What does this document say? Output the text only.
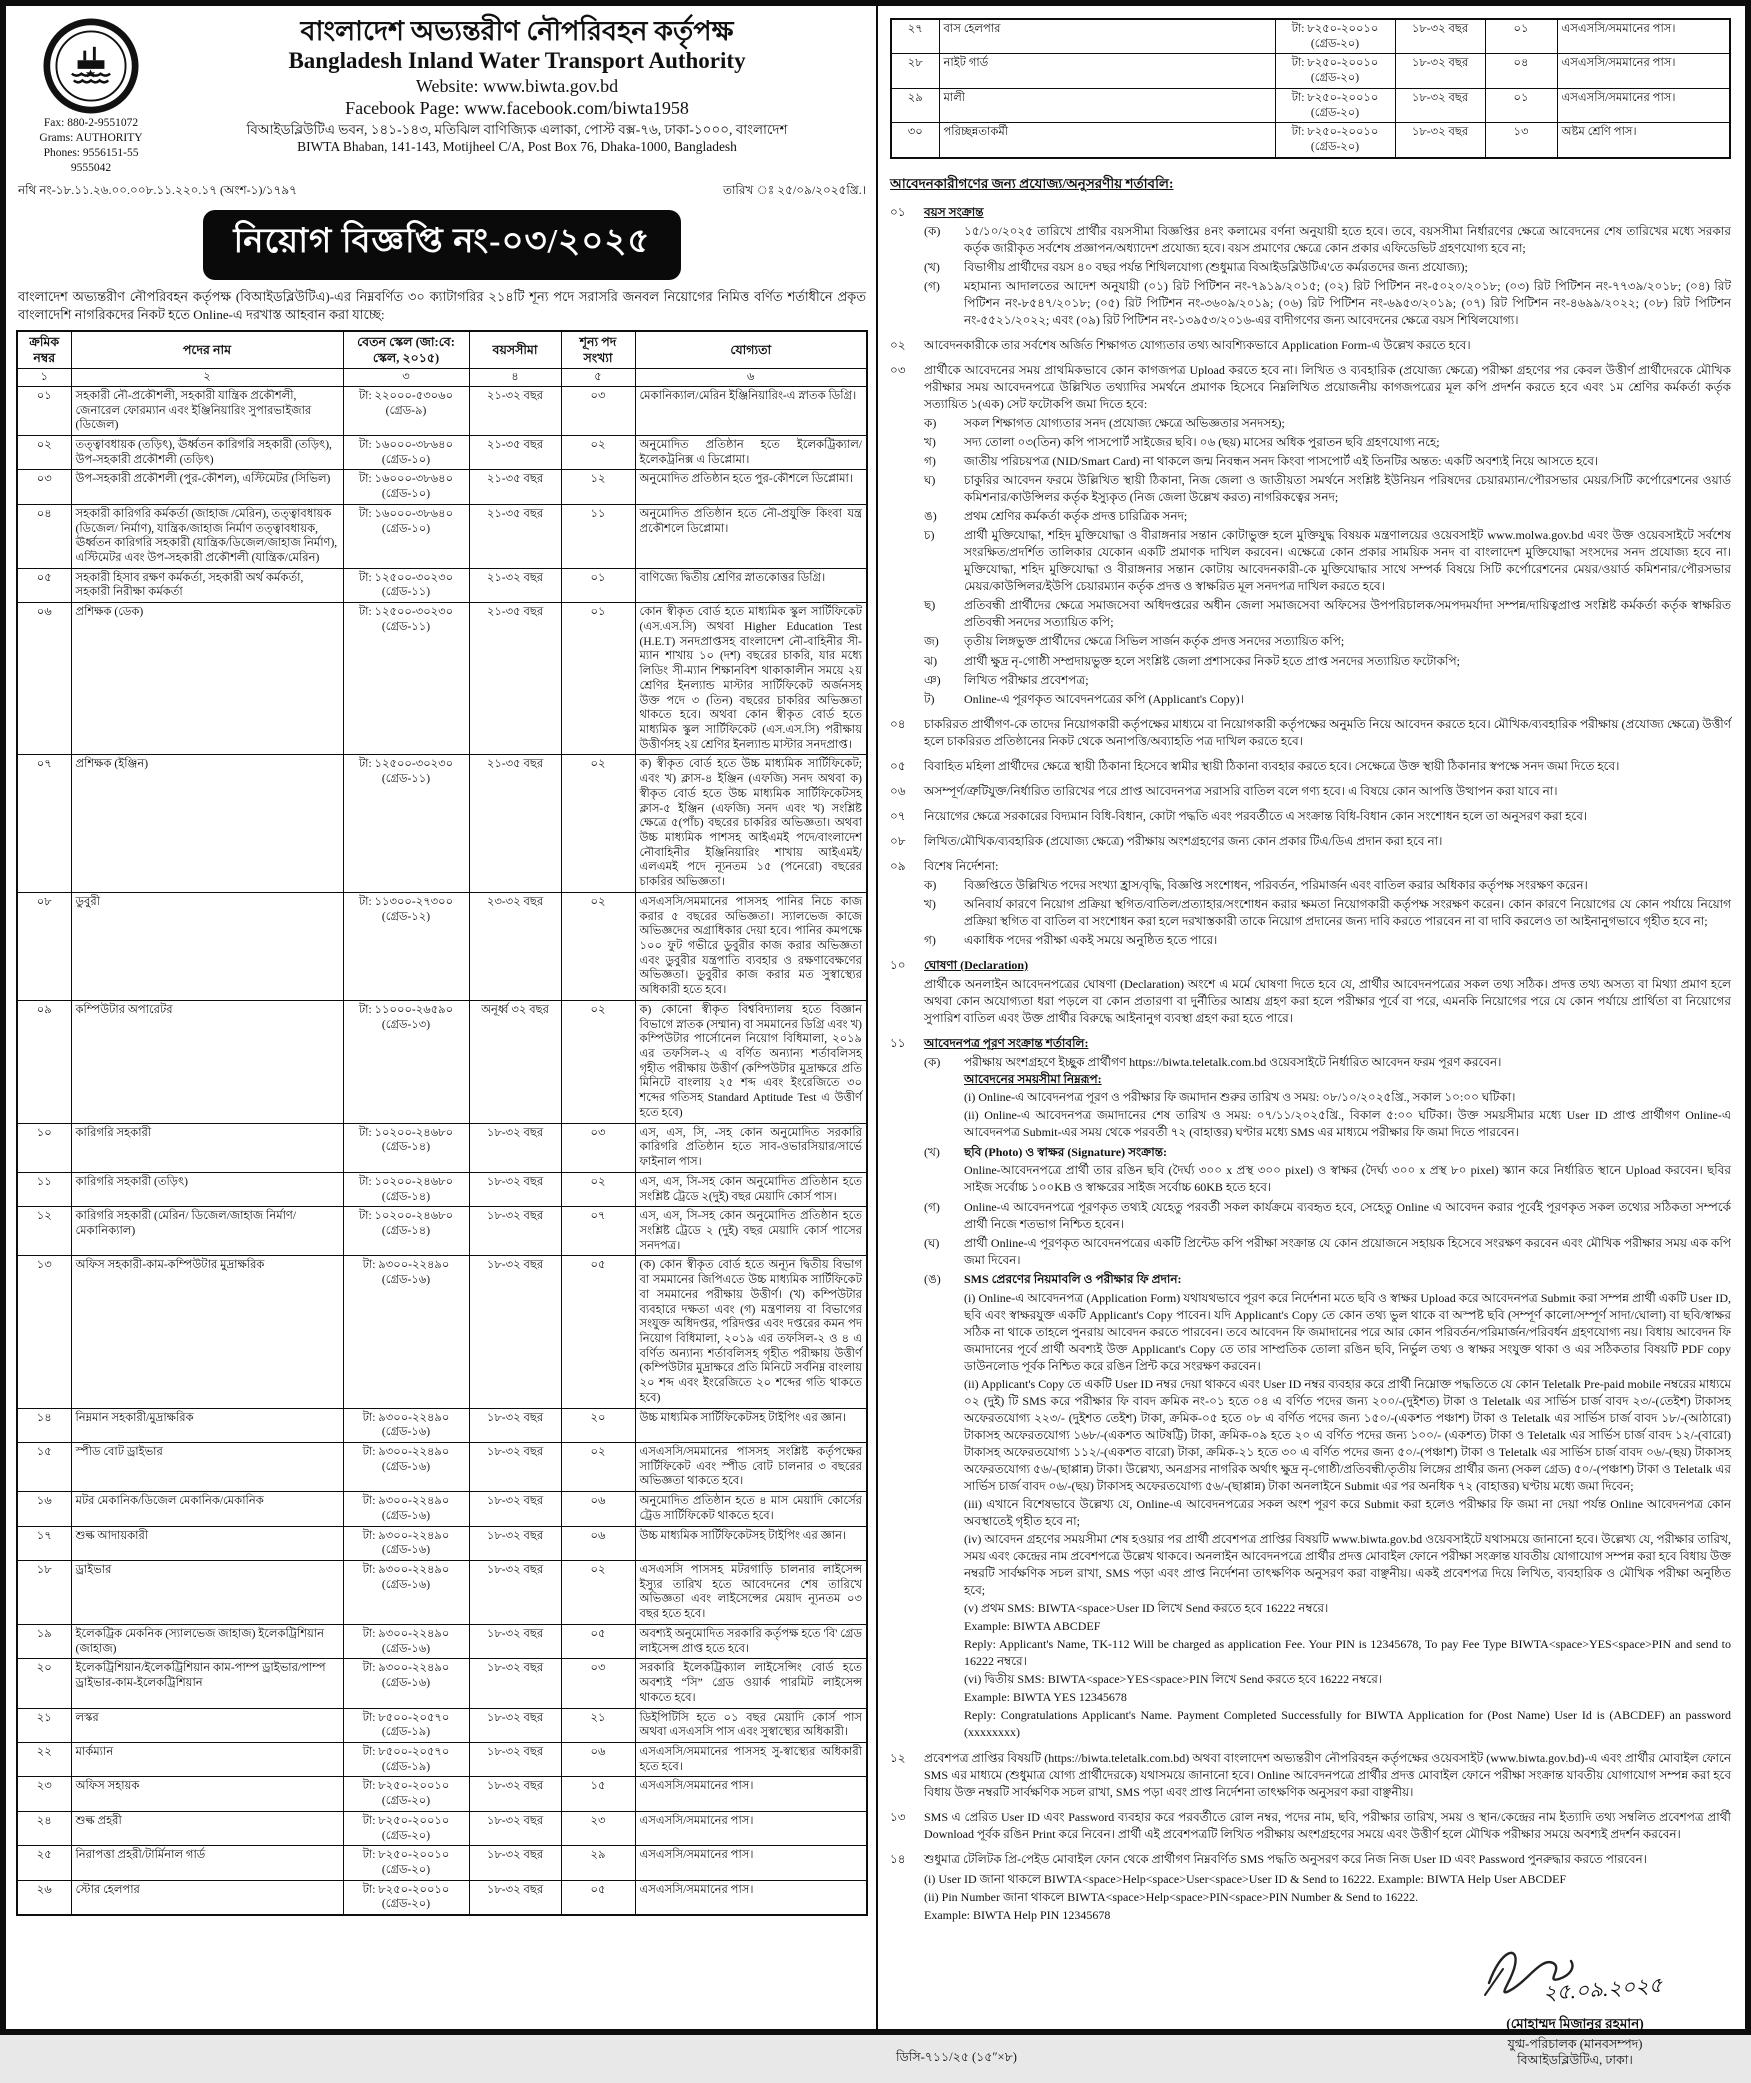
Fax: 880-2-9551072
Grams: AUTHORITY
Phones: 9556151-55
9555042
বাংলাদেশ অভ্যন্তরীণ নৌপরিবহন কর্তৃপক্ষ
Bangladesh Inland Water Transport Authority
Website: www.biwta.gov.bd
Facebook Page: www.facebook.com/biwta1958
বিআইডব্লিউটিএ ভবন, ১৪১-১৪৩, মতিঝিল বাণিজ্যিক এলাকা, পোস্ট বক্স-৭৬, ঢাকা-১০০০, বাংলাদেশ
BIWTA Bhaban, 141-143, Motijheel C/A, Post Box 76, Dhaka-1000, Bangladesh
নথি নং-১৮.১১.২৬.০০.০০৮.১১.২২০.১৭ (অংশ-১)/১৭৯৭	তারিখ ঃ ২৫/০৯/২০২৫খ্রি.।
নিয়োগ বিজ্ঞপ্তি নং-০৩/২০২৫
বাংলাদেশ অভ্যন্তরীণ নৌপরিবহন কর্তৃপক্ষ (বিআইডব্লিউটিএ)-এর নিম্নবর্ণিত ৩০ ক্যাটাগরির ২১৪টি শূন্য পদে সরাসরি জনবল নিয়োগের নিমিত্ত বর্ণিত শর্তাধীনে প্রকৃত বাংলাদেশি নাগরিকদের নিকট হতে Online-এ দরখাস্ত আহবান করা যাচ্ছে:
ক্রমিক নম্বর	পদের নাম	বেতন স্কেল (জা:বে: স্কেল, ২০১৫)	বয়সসীমা	শূন্য পদ সংখ্যা	যোগ্যতা
১	২	৩	৪	৫	৬
০১	সহকারী নৌ-প্রকৌশলী, সহকারী যান্ত্রিক প্রকৌশলী, জেনারেল ফোরম্যান এবং ইঞ্জিনিয়ারিং সুপারভাইজার (ডিজেল)	টা: ২২০০০-৫৩০৬০
(গ্রেড-৯)	২১-৩২ বছর	০৩	মেকানিক্যাল/মেরিন ইঞ্জিনিয়ারিং-এ স্নাতক ডিগ্রি।
০২	তত্ত্বাবধায়ক (তড়িৎ), ঊর্ধ্বতন কারিগরি সহকারী (তড়িৎ), উপ-সহকারী প্রকৌশলী (তড়িৎ)	টা: ১৬০০০-৩৮৬৪০
(গ্রেড-১০)	২১-৩৫ বছর	০২	অনুমোদিত প্রতিষ্ঠান হতে ইলেকট্রিক্যাল/ইলেকট্রনিক্স এ ডিপ্লোমা।
০৩	উপ-সহকারী প্রকৌশলী (পুর-কৌশল), এস্টিমেটর (সিভিল)	টা: ১৬০০০-৩৮৬৪০
(গ্রেড-১০)	২১-৩৫ বছর	১২	অনুমোদিত প্রতিষ্ঠান হতে পুর-কৌশলে ডিপ্লোমা।
০৪	সহকারী কারিগরি কর্মকর্তা (জাহাজ /মেরিন), তত্ত্বাবধায়ক (ডিজেল/ নির্মাণ), যান্ত্রিক/জাহাজ নির্মাণ তত্ত্বাবধায়ক, ঊর্ধ্বতন কারিগরি সহকারী (যান্ত্রিক/ডিজেল/জাহাজ নির্মাণ), এস্টিমেটর এবং উপ-সহকারী প্রকৌশলী (যান্ত্রিক/মেরিন)	টা: ১৬০০০-৩৮৬৪০
(গ্রেড-১০)	২১-৩৫ বছর	১১	অনুমোদিত প্রতিষ্ঠান হতে নৌ-প্রযুক্তি কিংবা যন্ত্র প্রকৌশলে ডিপ্লোমা।
০৫	সহকারী হিসাব রক্ষণ কর্মকর্তা, সহকারী অর্থ কর্মকর্তা, সহকারী নিরীক্ষা কর্মকর্তা	টা: ১২৫০০-৩০২৩০
(গ্রেড-১১)	২১-৩২ বছর	০১	বাণিজ্যে দ্বিতীয় শ্রেণির স্নাতকোত্তর ডিগ্রি।
০৬	প্রশিক্ষক (ডেক)	টা: ১২৫০০-৩০২৩০
(গ্রেড-১১)	২১-৩৫ বছর	০১	কোন স্বীকৃত বোর্ড হতে মাধ্যমিক স্কুল সার্টিফিকেট (এস.এস.সি) অথবা Higher Education Test (H.E.T) সনদপ্রাপ্তসহ বাংলাদেশ নৌ-বাহিনীর সী-ম্যান শাখায় ১০ (দশ) বছরের চাকরি, যার মধ্যে লিডিং সী-ম্যান শিক্ষানবিশ থাকাকালীন সময়ে ২য় শ্রেণির ইনল্যান্ড মাস্টার সার্টিফিকেট অর্জনসহ উক্ত পদে ৩ (তিন) বছরের চাকরির অভিজ্ঞতা থাকতে হবে। অথবা কোন স্বীকৃত বোর্ড হতে মাধ্যমিক স্কুল সার্টিফিকেট (এস.এস.সি) পরীক্ষায় উত্তীর্ণসহ ২য় শ্রেণির ইনল্যান্ড মাস্টার সনদপ্রাপ্ত।
০৭	প্রশিক্ষক (ইঞ্জিন)	টা: ১২৫০০-৩০২৩০
(গ্রেড-১১)	২১-৩৫ বছর	০২	ক) স্বীকৃত বোর্ড হতে উচ্চ মাধ্যমিক সার্টিফিকেট; এবং খ) ক্লাস-৪ ইঞ্জিন (এফজি) সনদ অথবা ক) স্বীকৃত বোর্ড হতে উচ্চ মাধ্যমিক সার্টিফিকেটসহ ক্লাস-৫ ইঞ্জিন (এফজি) সনদ এবং খ) সংশ্লিষ্ট ক্ষেত্রে ৫(পাঁচ) বছরের চাকরির অভিজ্ঞতা। অথবা উচ্চ মাধ্যমিক পাশসহ আইএমই পদে/বাংলাদেশ নৌবাহিনীর ইঞ্জিনিয়ারিং শাখায় আইএমই/এলএমই পদে ন্যূনতম ১৫ (পনেরো) বছরের চাকরির অভিজ্ঞতা।
০৮	ডুবুরী	টা: ১১৩০০-২৭৩০০
(গ্রেড-১২)	২৩-৩২ বছর	০২	এসএসসি/সমমানের পাসসহ পানির নিচে কাজ করার ৫ বছরের অভিজ্ঞতা। স্যালভেজ কাজে অভিজ্ঞদের অগ্রাধিকার দেয়া হবে। পানির কমপক্ষে ১০০ ফুট গভীরে ডুবুরীর কাজ করার অভিজ্ঞতা এবং ডুবুরীর যন্ত্রপাতি ব্যবহার ও রক্ষণাবেক্ষণের অভিজ্ঞতা। ডুবুরীর কাজ করার মত সুস্বাস্থ্যের অধিকারী হতে হবে।
০৯	কম্পিউটার অপারেটর	টা: ১১০০০-২৬৫৯০
(গ্রেড-১৩)	অনূর্ধ্ব ৩২ বছর	০২	ক) কোনো স্বীকৃত বিশ্ববিদ্যালয় হতে বিজ্ঞান বিভাগে স্নাতক (সম্মান) বা সমমানের ডিগ্রি এবং খ) কম্পিউটার পার্সোনেল নিয়োগ বিধিমালা, ২০১৯ এর তফসিল-২ এ বর্ণিত অন্যান্য শর্তাবলিসহ গৃহীত পরীক্ষায় উত্তীর্ণ (কম্পিউটার মুদ্রাক্ষরে প্রতি মিনিটে বাংলায় ২৫ শব্দ এবং ইংরেজিতে ৩০ শব্দের গতিসহ Standard Aptitude Test এ উত্তীর্ণ হতে হবে)
১০	কারিগরি সহকারী	টা: ১০২০০-২৪৬৮০
(গ্রেড-১৪)	১৮-৩২ বছর	০৩	এস, এস, সি, -সহ কোন অনুমোদিত সরকারি কারিগরি প্রতিষ্ঠান হতে সাব-ওভারসিয়ার/সার্ভে ফাইনাল পাস।
১১	কারিগরি সহকারী (তড়িৎ)	টা: ১০২০০-২৪৬৮০
(গ্রেড-১৪)	১৮-৩২ বছর	০২	এস, এস, সি-সহ কোন অনুমোদিত প্রতিষ্ঠান হতে সংশ্লিষ্ট ট্রেডে ২(দুই) বছর মেয়াদি কোর্স পাস।
১২	কারিগরি সহকারী (মেরিন/ ডিজেল/জাহাজ নির্মাণ/ মেকানিক্যাল)	টা: ১০২০০-২৪৬৮০
(গ্রেড-১৪)	১৮-৩২ বছর	০৭	এস, এস, সি-সহ কোন অনুমোদিত প্রতিষ্ঠান হতে সংশ্লিষ্ট ট্রেডে ২ (দুই) বছর মেয়াদি কোর্স পাসের সনদপত্র।
১৩	অফিস সহকারী-কাম-কম্পিউটার মুদ্রাক্ষরিক	টা: ৯৩০০-২২৪৯০
(গ্রেড-১৬)	১৮-৩২ বছর	০৫	(ক) কোন স্বীকৃত বোর্ড হতে অন্যূন দ্বিতীয় বিভাগ বা সমমানের জিপিএতে উচ্চ মাধ্যমিক সার্টিফিকেট বা সমমানের পরীক্ষায় উত্তীর্ণ। (খ) কম্পিউটার ব্যবহারে দক্ষতা এবং (গ) মন্ত্রণালয় বা বিভাগের সংযুক্ত অধিদপ্তর, পরিদপ্তর এবং দপ্তরের কমন পদ নিয়োগ বিধিমালা, ২০১৯ এর তফসিল-২ ও ৪ এ বর্ণিত অন্যান্য শর্তাবলিসহ গৃহীত পরীক্ষায় উত্তীর্ণ (কম্পিউটার মুদ্রাক্ষরে প্রতি মিনিটে সর্বনিম্ন বাংলায় ২০ শব্দ এবং ইংরেজিতে ২০ শব্দের গতি থাকতে হবে)
১৪	নিম্নমান সহকারী/মুদ্রাক্ষরিক	টা: ৯৩০০-২২৪৯০
(গ্রেড-১৬)	১৮-৩২ বছর	২০	উচ্চ মাধ্যমিক সার্টিফিকেটসহ টাইপিং এর জ্ঞান।
১৫	স্পীড বোট ড্রাইভার	টা: ৯৩০০-২২৪৯০
(গ্রেড-১৬)	১৮-৩২ বছর	০২	এসএসসি/সমমানের পাসসহ সংশ্লিষ্ট কর্তৃপক্ষের সার্টিফিকেট এবং স্পীড বোট চালনার ৩ বছরের অভিজ্ঞতা থাকতে হবে।
১৬	মটর মেকানিক/ডিজেল মেকানিক/মেকানিক	টা: ৯৩০০-২২৪৯০
(গ্রেড-১৬)	১৮-৩২ বছর	০৬	অনুমোদিত প্রতিষ্ঠান হতে ৪ মাস মেয়াদি কোর্সের ট্রেড সার্টিফিকেট থাকতে হবে।
১৭	শুল্ক আদায়কারী	টা: ৯৩০০-২২৪৯০
(গ্রেড-১৬)	১৮-৩২ বছর	০৬	উচ্চ মাধ্যমিক সার্টিফিকেটসহ টাইপিং এর জ্ঞান।
১৮	ড্রাইভার	টা: ৯৩০০-২২৪৯০
(গ্রেড-১৬)	১৮-৩২ বছর	০২	এসএসসি পাসসহ মটরগাড়ি চালনার লাইসেন্স ইস্যুর তারিখ হতে আবেদনের শেষ তারিখে অভিজ্ঞতা এবং লাইসেন্সের মেয়াদ ন্যূনতম ০৩ বছর হতে হবে।
১৯	ইলেকট্রিক মেকনিক (স্যালভেজ জাহাজ) ইলেকট্রিশিয়ান (জাহাজ)	টা: ৯৩০০-২২৪৯০
(গ্রেড-১৬)	১৮-৩২ বছর	০৫	অবশ্যই অনুমোদিত সরকারি কর্তৃপক্ষ হতে 'বি' গ্রেড লাইসেন্স প্রাপ্ত হতে হবে।
২০	ইলেকট্রিশিয়ান/ইলেকট্রিশিয়ান কাম-পাম্প ড্রাইভার/পাম্প ড্রাইভার-কাম-ইলেকট্রিশিয়ান	টা: ৯৩০০-২২৪৯০
(গ্রেড-১৬)	১৮-৩২ বছর	০৩	সরকারি ইলেকট্রিক্যাল লাইসেন্সিং বোর্ড হতে অবশ্যই “সি” গ্রেড ওয়ার্ক পারমিট লাইসেন্স থাকতে হবে।
২১	লস্কর	টা: ৮৫০০-২০৫৭০
(গ্রেড-১৯)	১৮-৩২ বছর	২১	ডিইপিটিসি হতে ০১ বছর মেয়াদি কোর্স পাস অথবা এসএসসি পাস এবং সুস্বাস্থ্যের অধিকারী।
২২	মার্কম্যান	টা: ৮৫০০-২০৫৭০
(গ্রেড-১৯)	১৮-৩২ বছর	০৬	এসএসসি/সমমানের পাসসহ সু-স্বাস্থ্যের অধিকারী হতে হবে।
২৩	অফিস সহায়ক	টা: ৮২৫০-২০০১০
(গ্রেড-২০)	১৮-৩২ বছর	১৫	এসএসসি/সমমানের পাস।
২৪	শুল্ক প্রহরী	টা: ৮২৫০-২০০১০
(গ্রেড-২০)	১৮-৩২ বছর	২৩	এসএসসি/সমমানের পাস।
২৫	নিরাপত্তা প্রহরী/টার্মিনাল গার্ড	টা: ৮২৫০-২০০১০
(গ্রেড-২০)	১৮-৩২ বছর	২৯	এসএসসি/সমমানের পাস।
২৬	স্টোর হেলপার	টা: ৮২৫০-২০০১০
(গ্রেড-২০)	১৮-৩২ বছর	০৫	এসএসসি/সমমানের পাস।
২৭	বাস হেলপার	টা: ৮২৫০-২০০১০
(গ্রেড-২০)	১৮-৩২ বছর	০১	এসএসসি/সমমানের পাস।
২৮	নাইট গার্ড	টা: ৮২৫০-২০০১০
(গ্রেড-২০)	১৮-৩২ বছর	০৪	এসএসসি/সমমানের পাস।
২৯	মালী	টা: ৮২৫০-২০০১০
(গ্রেড-২০)	১৮-৩২ বছর	০১	এসএসসি/সমমানের পাস।
৩০	পরিচ্ছন্নতাকর্মী	টা: ৮২৫০-২০০১০
(গ্রেড-২০)	১৮-৩২ বছর	১৩	অষ্টম শ্রেণি পাস।
আবেদনকারীগণের জন্য প্রযোজ্য/অনুসরণীয় শর্তাবলি:
০১	বয়স সংক্রান্ত
(ক)	১৫/১০/২০২৫ তারিখে প্রার্থীর বয়সসীমা বিজ্ঞপ্তির ৪নং কলামের বর্ণনা অনুযায়ী হতে হবে। তবে, বয়সসীমা নির্ধারণের ক্ষেত্রে আবেদনের শেষ তারিখের মধ্যে সরকার কর্তৃক জারীকৃত সর্বশেষ প্রজ্ঞাপন/অধ্যাদেশ প্রযোজ্য হবে। বয়স প্রমাণের ক্ষেত্রে কোন প্রকার এফিডেভিট গ্রহণযোগ্য হবে না;
(খ)	বিভাগীয় প্রার্থীদের বয়স ৪০ বছর পর্যন্ত শিথিলযোগ্য (শুধুমাত্র বিআইডব্লিউটিএ'তে কর্মরতদের জন্য প্রযোজ্য);
(গ)	মহামান্য আদালতের আদেশ অনুযায়ী (০১) রিট পিটিশন নং-৭৯১৯/২০১৫; (০২) রিট পিটিশন নং-৫০২০/২০১৮; (০৩) রিট পিটিশন নং-৭৭৩৯/২০১৮; (০৪) রিট পিটিশন নং-৮৫৪৭/২০১৮; (০৫) রিট পিটিশন নং-৩৬০৯/২০১৯; (০৬) রিট পিটিশন নং-৬৯৫৩/২০১৯; (০৭) রিট পিটিশন নং-৪৬৯৯/২০২২; (০৮) রিট পিটিশন নং-৫৫২১/২০২২; এবং (০৯) রিট পিটিশন নং-১৩৯৫৩/২০১৬-এর বাদীগণের জন্য আবেদনের ক্ষেত্রে বয়স শিথিলযোগ্য।
০২	আবেদনকারীকে তার সর্বশেষ অর্জিত শিক্ষাগত যোগ্যতার তথ্য আবশ্যিকভাবে Application Form-এ উল্লেখ করতে হবে।
০৩	প্রার্থীকে আবেদনের সময় প্রাথমিকভাবে কোন কাগজপত্র Upload করতে হবে না। লিখিত ও ব্যবহারিক (প্রযোজ্য ক্ষেত্রে) পরীক্ষা গ্রহণের পর কেবল উত্তীর্ণ প্রার্থীদেরকে মৌখিক পরীক্ষার সময় আবেদনপত্রে উল্লিখিত তথ্যাদির সমর্থনে প্রমাণক হিসেবে নিম্নলিখিত প্রয়োজনীয় কাগজপত্রের মূল কপি প্রদর্শন করতে হবে এবং ১ম শ্রেণির কর্মকর্তা কর্তৃক সত্যায়িত ১(এক) সেট ফটোকপি জমা দিতে হবে:
ক)	সকল শিক্ষাগত যোগ্যতার সনদ (প্রযোজ্য ক্ষেত্রে অভিজ্ঞতার সনদসহ);
খ)	সদ্য তোলা ০৩(তিন) কপি পাসপোর্ট সাইজের ছবি। ০৬ (ছয়) মাসের অধিক পুরাতন ছবি গ্রহণযোগ্য নহে;
গ)	জাতীয় পরিচয়পত্র (NID/Smart Card) না থাকলে জন্ম নিবন্ধন সনদ কিংবা পাসপোর্ট এই তিনটির অন্তত: একটি অবশ্যই নিয়ে আসতে হবে।
ঘ)	চাকুরির আবেদন ফরমে উল্লিখিত স্থায়ী ঠিকানা, নিজ জেলা ও জাতীয়তা সমর্থনে সংশ্লিষ্ট ইউনিয়ন পরিষদের চেয়ারম্যান/পৌরসভার মেয়র/সিটি কর্পোরেশনের ওয়ার্ড কমিশনার/কাউন্সিলর কর্তৃক ইস্যুকৃত (নিজ জেলা উল্লেখ করত) নাগরিকত্বের সনদ;
ঙ)	প্রথম শ্রেণির কর্মকর্তা কর্তৃক প্রদত্ত চারিত্রিক সনদ;
চ)	প্রার্থী মুক্তিযোদ্ধা, শহিদ মুক্তিযোদ্ধা ও বীরাঙ্গনার সন্তান কোটাভুক্ত হলে মুক্তিযুদ্ধ বিষয়ক মন্ত্রণালয়ের ওয়েবসাইট www.molwa.gov.bd এবং উক্ত ওয়েবসাইটে সর্বশেষ সংরক্ষিত/প্রদর্শিত তালিকার যেকোন একটি প্রমাণক দাখিল করবেন। এক্ষেত্রে কোন প্রকার সাময়িক সনদ বা বাংলাদেশ মুক্তিযোদ্ধা সংসদের সনদ প্রযোজ্য হবে না। মুক্তিযোদ্ধা, শহিদ মুক্তিযোদ্ধা ও বীরাঙ্গনার সন্তান কোটায় আবেদনকারী-কে মুক্তিযোদ্ধার সাথে সম্পর্ক বিষয়ে সিটি কর্পোরেশনের মেয়র/ওয়ার্ড কমিশনার/পৌরসভার মেয়র/কাউন্সিলর/ইউপি চেয়ারম্যান কর্তৃক প্রদত্ত ও স্বাক্ষরিত মূল সনদপত্র দাখিল করতে হবে।
ছ)	প্রতিবন্ধী প্রার্থীদের ক্ষেত্রে সমাজসেবা অধিদপ্তরের অধীন জেলা সমাজসেবা অফিসের উপপরিচালক/সমপদমর্যাদা সম্পন্ন/দায়িত্বপ্রাপ্ত সংশ্লিষ্ট কর্মকর্তা কর্তৃক স্বাক্ষরিত প্রতিবন্ধী সনদের সত্যায়িত কপি;
জ)	তৃতীয় লিঙ্গভুক্ত প্রার্থীদের ক্ষেত্রে সিভিল সার্জন কর্তৃক প্রদত্ত সনদের সত্যায়িত কপি;
ঝ)	প্রার্থী ক্ষুদ্র নৃ-গোষ্ঠী সম্প্রদায়ভুক্ত হলে সংশ্লিষ্ট জেলা প্রশাসকের নিকট হতে প্রাপ্ত সনদের সত্যায়িত ফটোকপি;
ঞ)	লিখিত পরীক্ষার প্রবেশপত্র;
ট)	Online-এ পূরণকৃত আবেদনপত্রের কপি (Applicant's Copy)।
০৪	চাকরিরত প্রার্থীগণ-কে তাদের নিয়োগকারী কর্তৃপক্ষের মাধ্যমে বা নিয়োগকারী কর্তৃপক্ষের অনুমতি নিয়ে আবেদন করতে হবে। মৌখিক/ব্যবহারিক পরীক্ষায় (প্রযোজ্য ক্ষেত্রে) উত্তীর্ণ হলে চাকরিরত প্রতিষ্ঠানের নিকট থেকে অনাপত্তি/অব্যাহতি পত্র দাখিল করতে হবে।
০৫	বিবাহিত মহিলা প্রার্থীদের ক্ষেত্রে স্থায়ী ঠিকানা হিসেবে স্বামীর স্থায়ী ঠিকানা ব্যবহার করতে হবে। সেক্ষেত্রে উক্ত স্থায়ী ঠিকানার স্বপক্ষে সনদ জমা দিতে হবে।
০৬	অসম্পূর্ণ/ত্রুটিযুক্ত/নির্ধারিত তারিখের পরে প্রাপ্ত আবেদনপত্র সরাসরি বাতিল বলে গণ্য হবে। এ বিষয়ে কোন আপত্তি উত্থাপন করা যাবে না।
০৭	নিয়োগের ক্ষেত্রে সরকারের বিদ্যমান বিধি-বিধান, কোটা পদ্ধতি এবং পরবর্তীতে এ সংক্রান্ত বিধি-বিধান কোন সংশোধন হলে তা অনুসরণ করা হবে।
০৮	লিখিত/মৌখিক/ব্যবহারিক (প্রযোজ্য ক্ষেত্রে) পরীক্ষায় অংশগ্রহণের জন্য কোন প্রকার টিএ/ডিএ প্রদান করা হবে না।
০৯	বিশেষ নির্দেশনা:
ক)	বিজ্ঞপ্তিতে উল্লিখিত পদের সংখ্যা হ্রাস/বৃদ্ধি, বিজ্ঞপ্তি সংশোধন, পরিবর্তন, পরিমার্জন এবং বাতিল করার অধিকার কর্তৃপক্ষ সংরক্ষণ করেন।
খ)	অনিবার্য কারণে নিয়োগ প্রক্রিয়া স্থগিত/বাতিল/প্রত্যাহার/সংশোধন করার ক্ষমতা নিয়োগকারী কর্তৃপক্ষ সংরক্ষণ করেন। কোন কারণে নিয়োগের যে কোন পর্যায়ে নিয়োগ প্রক্রিয়া স্থগিত বা বাতিল বা সংশোধন করা হলে দরখাস্তকারী তাকে নিয়োগ প্রদানের জন্য দাবি করতে পারবেন না বা দাবি করলেও তা আইনানুগভাবে গৃহীত হবে না;
গ)	একাধিক পদের পরীক্ষা একই সময়ে অনুষ্ঠিত হতে পারে।
১০	ঘোষণা (Declaration)
প্রার্থীকে অনলাইন আবেদনপত্রের ঘোষণা (Declaration) অংশে এ মর্মে ঘোষণা দিতে হবে যে, প্রার্থীর আবেদনপত্রের সকল তথ্য সঠিক। প্রদত্ত তথ্য অসত্য বা মিথ্যা প্রমাণ হলে অথবা কোন অযোগ্যতা ধরা পড়লে বা কোন প্রতারণা বা দুর্নীতির আশ্রয় গ্রহণ করা হলে পরীক্ষার পূর্বে বা পরে, এমনকি নিয়োগের পরে যে কোন পর্যায়ে প্রার্থিতা বা নিয়োগের সুপারিশ বাতিল এবং উক্ত প্রার্থীর বিরুদ্ধে আইনানুগ ব্যবস্থা গ্রহণ করা হতে পারে।
১১	আবেদনপত্র পূরণ সংক্রান্ত শর্তাবলি:
(ক)	পরীক্ষায় অংশগ্রহণে ইচ্ছুক প্রার্থীগণ https://biwta.teletalk.com.bd ওয়েবসাইটে নির্ধারিত আবেদন ফরম পূরণ করবেন।
আবেদনের সময়সীমা নিম্নরূপ:
(i) Online-এ আবেদনপত্র পূরণ ও পরীক্ষার ফি জমাদান শুরুর তারিখ ও সময়: ০৮/১০/২০২৫খ্রি., সকাল ১০:০০ ঘটিকা।
(ii) Online-এ আবেদনপত্র জমাদানের শেষ তারিখ ও সময়: ০৭/১১/২০২৫খ্রি., বিকাল ৫:০০ ঘটিকা। উক্ত সময়সীমার মধ্যে User ID প্রাপ্ত প্রার্থীগণ Online-এ আবেদনপত্র Submit-এর সময় থেকে পরবর্তী ৭২ (বাহাত্তর) ঘণ্টার মধ্যে SMS এর মাধ্যমে পরীক্ষার ফি জমা দিতে পারবেন।
(খ)	ছবি (Photo) ও স্বাক্ষর (Signature) সংক্রান্ত:
Online-আবেদনপত্রে প্রার্থী তার রঙিন ছবি (দৈর্ঘ্য ৩০০ x প্রস্থ ৩০০ pixel) ও স্বাক্ষর (দৈর্ঘ্য ৩০০ x প্রস্থ ৮০ pixel) স্ক্যান করে নির্ধারিত স্থানে Upload করবেন। ছবির সাইজ সর্বোচ্চ ১০০KB ও স্বাক্ষরের সাইজ সর্বোচ্চ 60KB হতে হবে।
(গ)	Online-এ আবেদনপত্রে পূরণকৃত তথ্যই যেহেতু পরবর্তী সকল কার্যক্রমে ব্যবহৃত হবে, সেহেতু Online এ আবেদন করার পূর্বেই পূরণকৃত সকল তথ্যের সঠিকতা সম্পর্কে প্রার্থী নিজে শতভাগ নিশ্চিত হবেন।
(ঘ)	প্রার্থী Online-এ পূরণকৃত আবেদনপত্রের একটি প্রিন্টেড কপি পরীক্ষা সংক্রান্ত যে কোন প্রয়োজনে সহায়ক হিসেবে সংরক্ষণ করবেন এবং মৌখিক পরীক্ষার সময় এক কপি জমা দিবেন।
(ঙ)	SMS প্রেরণের নিয়মাবলি ও পরীক্ষার ফি প্রদান:
(i) Online-এ আবেদনপত্র (Application Form) যথাযথভাবে পূরণ করে নির্দেশনা মতে ছবি ও স্বাক্ষর Upload করে আবেদনপত্র Submit করা সম্পন্ন প্রার্থী একটি User ID, ছবি এবং স্বাক্ষরযুক্ত একটি Applicant's Copy পাবেন। যদি Applicant's Copy তে কোন তথ্য ভুল থাকে বা অস্পষ্ট ছবি (সম্পূর্ণ কালো/সম্পূর্ণ সাদা/ঘোলা) বা ছবি/স্বাক্ষর সঠিক না থাকে তাহলে পুনরায় আবেদন করতে পারবেন। তবে আবেদন ফি জমাদানের পরে আর কোন পরিবর্তন/পরিমার্জন/পরিবর্ধন গ্রহণযোগ্য নয়। বিধায় আবেদন ফি জমাদানের পূর্বে প্রার্থী অবশ্যই উক্ত Applicant's Copy তে তার সাম্প্রতিক তোলা রঙিন ছবি, নির্ভুল তথ্য ও স্বাক্ষর সংযুক্ত থাকা ও এর সঠিকতার বিষয়টি PDF copy ডাউনলোড পূর্বক নিশ্চিত করে রঙিন প্রিন্ট করে সংরক্ষণ করবেন।
(ii) Applicant's Copy তে একটি User ID নম্বর দেয়া থাকবে এবং User ID নম্বর ব্যবহার করে প্রার্থী নিম্নোক্ত পদ্ধতিতে যে কোন Teletalk Pre-paid mobile নম্বরের মাধ্যমে ০২ (দুই) টি SMS করে পরীক্ষার ফি বাবদ ক্রমিক নং-০১ হতে ০৪ এ বর্ণিত পদের জন্য ২০০/-(দুইশত) টাকা ও Teletalk এর সার্ভিস চার্জ বাবদ ২৩/-(তেইশ) টাকাসহ অফেরতযোগ্য ২২৩/- (দুইশত তেইশ) টাকা, ক্রমিক-০৫ হতে ০৮ এ বর্ণিত পদের জন্য ১৫০/-(একশত পঞ্চাশ) টাকা ও Teletalk এর সার্ভিস চার্জ বাবদ ১৮/-(আঠারো) টাকাসহ অফেরতযোগ্য ১৬৮/-(একশত আটষট্টি) টাকা, ক্রমিক-০৯ হতে ২০ এ বর্ণিত পদের জন্য ১০০/- (একশত) টাকা ও Teletalk এর সার্ভিস চার্জ বাবদ ১২/-(বারো) টাকাসহ অফেরতযোগ্য ১১২/-(একশত বারো) টাকা, ক্রমিক-২১ হতে ৩০ এ বর্ণিত পদের জন্য ৫০/-(পঞ্চাশ) টাকা ও Teletalk এর সার্ভিস চার্জ বাবদ ০৬/-(ছয়) টাকাসহ অফেরতযোগ্য ৫৬/-(ছাপ্পান্ন) টাকা। উল্লেখ্য, অনগ্রসর নাগরিক অর্থাৎ ক্ষুদ্র নৃ-গোষ্ঠী/প্রতিবন্ধী/তৃতীয় লিঙ্গের প্রার্থীর জন্য (সকল গ্রেড) ৫০/-(পঞ্চাশ) টাকা ও Teletalk এর সার্ভিস চার্জ বাবদ ০৬/-(ছয়) টাকাসহ অফেরতযোগ্য ৫৬/-(ছাপ্পান্ন) টাকা অনলাইনে Submit এর পর অনধিক ৭২ (বাহাত্তর) ঘণ্টায় মধ্যে জমা দিবেন;
(iii) এখানে বিশেষভাবে উল্লেখ্য যে, Online-এ আবেদনপত্রের সকল অংশ পূরণ করে Submit করা হলেও পরীক্ষার ফি জমা না দেয়া পর্যন্ত Online আবেদনপত্র কোন অবস্থাতেই গৃহীত হবে না;
(iv) আবেদন গ্রহণের সময়সীমা শেষ হওয়ার পর প্রার্থী প্রবেশপত্র প্রাপ্তির বিষয়টি www.biwta.gov.bd ওয়েবসাইটে যথাসময়ে জানানো হবে। উল্লেখ্য যে, পরীক্ষার তারিখ, সময় এবং কেন্দ্রের নাম প্রবেশপত্রে উল্লেখ থাকবে। অনলাইন আবেদনপত্রে প্রার্থীর প্রদত্ত মোবাইল ফোনে পরীক্ষা সংক্রান্ত যাবতীয় যোগাযোগ সম্পন্ন করা হবে বিধায় উক্ত নম্বরটি সার্বক্ষণিক সচল রাখা, SMS পড়া এবং প্রাপ্ত নির্দেশনা তাৎক্ষণিক অনুসরণ করা বাঞ্ছনীয়। একই প্রবেশপত্র দিয়ে লিখিত, ব্যবহারিক ও মৌখিক পরীক্ষা অনুষ্ঠিত হবে;
(v) প্রথম SMS: BIWTA<space>User ID লিখে Send করতে হবে 16222 নম্বরে।
Example: BIWTA ABCDEF
Reply: Applicant's Name, TK-112 Will be charged as application Fee. Your PIN is 12345678, To pay Fee Type BIWTA<space>YES<space>PIN and send to 16222 নম্বরে।
(vi) দ্বিতীয় SMS: BIWTA<space>YES<space>PIN লিখে Send করতে হবে 16222 নম্বরে।
Example: BIWTA YES 12345678
Reply: Congratulations Applicant's Name. Payment Completed Successfully for BIWTA Application for (Post Name) User Id is (ABCDEF) an password (xxxxxxxx)
১২	প্রবেশপত্র প্রাপ্তির বিষয়টি (https://biwta.teletalk.com.bd) অথবা বাংলাদেশ অভ্যন্তরীণ নৌপরিবহন কর্তৃপক্ষের ওয়েবসাইট (www.biwta.gov.bd)-এ এবং প্রার্থীর মোবাইল ফোনে SMS এর মাধ্যমে (শুধুমাত্র যোগ্য প্রার্থীদেরকে) যথাসময়ে জানানো হবে। Online আবেদনপত্রে প্রার্থীর প্রদত্ত মোবাইল ফোনে পরীক্ষা সংক্রান্ত যাবতীয় যোগাযোগ সম্পন্ন করা হবে বিধায় উক্ত নম্বরটি সার্বক্ষণিক সচল রাখা, SMS পড়া এবং প্রাপ্ত নির্দেশনা তাৎক্ষণিক অনুসরণ করা বাঞ্ছনীয়।
১৩	SMS এ প্রেরিত User ID এবং Password ব্যবহার করে পরবর্তীতে রোল নম্বর, পদের নাম, ছবি, পরীক্ষার তারিখ, সময় ও স্থান/কেন্দ্রের নাম ইত্যাদি তথ্য সম্বলিত প্রবেশপত্র প্রার্থী Download পূর্বক রঙিন Print করে নিবেন। প্রার্থী এই প্রবেশপত্রটি লিখিত পরীক্ষায় অংশগ্রহণের সময়ে এবং উত্তীর্ণ হলে মৌখিক পরীক্ষার সময়ে অবশ্যই প্রদর্শন করবেন।
১৪	শুধুমাত্র টেলিটক প্রি-পেইড মোবাইল ফোন থেকে প্রার্থীগণ নিম্নবর্ণিত SMS পদ্ধতি অনুসরণ করে নিজ নিজ User ID এবং Password পুনরুদ্ধার করতে পারবেন।
(i) User ID জানা থাকলে BIWTA<space>Help<space>User<space>User ID & Send to 16222. Example: BIWTA Help User ABCDEF
(ii) Pin Number জানা থাকলে BIWTA<space>Help<space>PIN<space>PIN Number & Send to 16222.
Example: BIWTA Help PIN 12345678
ডিসি-৭১১/২৫ (১৫″×৮)
২৫.০৯.২০২৫
(মোহাম্মদ মিজানুর রহমান)
যুগ্ম-পরিচালক (মানবসম্পদ)
বিআইডব্লিউটিএ, ঢাকা।
